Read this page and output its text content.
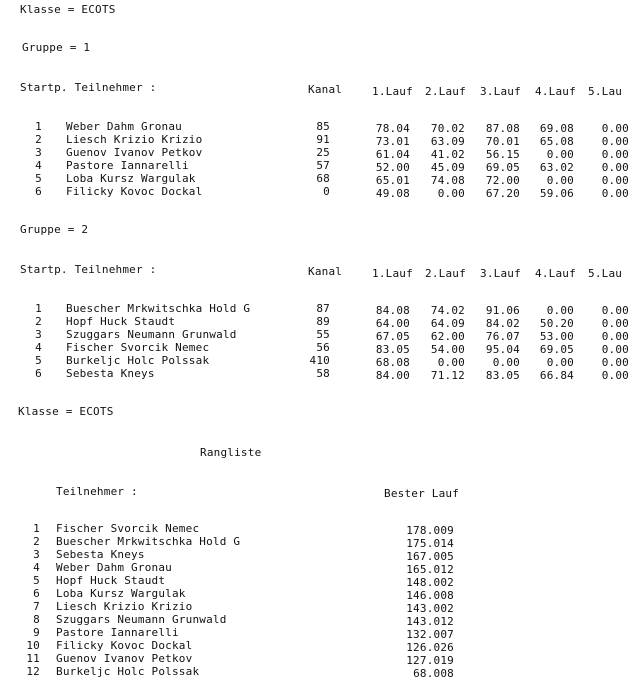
Klasse = ECOTS
Gruppe = 1
Startp. Teilnehmer :	Kanal	1.Lauf 2.Lauf 3.Lauf 4.Lauf 5.Lau
1 Weber Dahm Gronau	85	78.04	70.02	87.08	69.08	0.00
2 Liesch Krizio Krizio	91	73.01	63.09	70.01	65.08	0.00
3 Guenov Ivanov Petkov	25	61.04	41.02	56.15	0.00	0.00
4 Pastore Iannarelli	57	52.00	45.09	69.05	63.02	0.00
5 Loba Kursz Wargulak	68	65.01	74.08	72.00	0.00	0.00
6 Filicky Kovoc Dockal	0	49.08	0.00	67.20	59.06	0.00
Gruppe = 2
Startp. Teilnehmer :	Kanal	1.Lauf 2.Lauf 3.Lauf 4.Lauf 5.Lau
1 Buescher Mrkwitschka Hold G	87	84.08	74.02	91.06	0.00	0.00
2 Hopf Huck Staudt	89	64.00	64.09	84.02	50.20	0.00
3 Szuggars Neumann Grunwald	55	67.05	62.00	76.07	53.00	0.00
4 Fischer Svorcik Nemec	56	83.05	54.00	95.04	69.05	0.00
5 Burkeljc Holc Polssak	410	68.08	0.00	0.00	0.00	0.00
6 Sebesta Kneys	58	84.00	71.12	83.05	66.84	0.00
Klasse = ECOTS
Rangliste
Teilnehmer :	Bester Lauf
1 Fischer Svorcik Nemec	178.009
2 Buescher Mrkwitschka Hold G	175.014
3 Sebesta Kneys	167.005
4 Weber Dahm Gronau	165.012
5 Hopf Huck Staudt	148.002
6 Loba Kursz Wargulak	146.008
7 Liesch Krizio Krizio	143.002
8 Szuggars Neumann Grunwald	143.012
9 Pastore Iannarelli	132.007
10 Filicky Kovoc Dockal	126.026
11 Guenov Ivanov Petkov	127.019
12 Burkeljc Holc Polssak	68.008
